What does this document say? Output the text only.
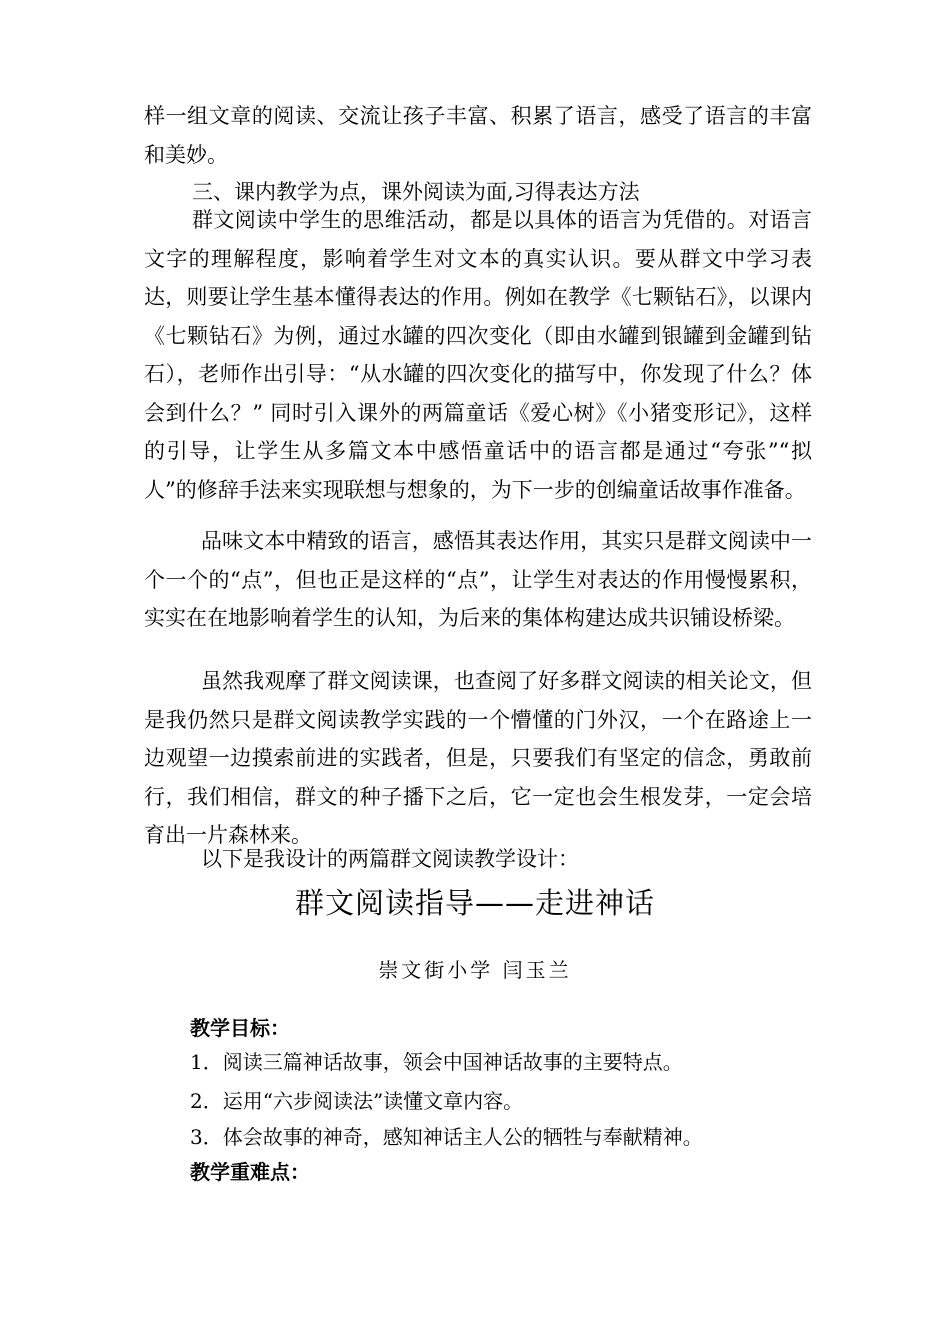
样一组文章的阅读、交流让孩子丰富、积累了语言，感受了语言的丰富和美妙。
三、课内教学为点，课外阅读为面,习得表达方法
群文阅读中学生的思维活动，都是以具体的语言为凭借的。对语言文字的理解程度，影响着学生对文本的真实认识。要从群文中学习表达，则要让学生基本懂得表达的作用。例如在教学《七颗钻石》，以课内《七颗钻石》为例，通过水罐的四次变化（即由水罐到银罐到金罐到钻石），老师作出引导：“从水罐的四次变化的描写中，你发现了什么？体会到什么？” 同时引入课外的两篇童话《爱心树》《小猪变形记》，这样的引导，让学生从多篇文本中感悟童话中的语言都是通过“夸张”“拟人”的修辞手法来实现联想与想象的，为下一步的创编童话故事作准备。
品味文本中精致的语言，感悟其表达作用，其实只是群文阅读中一个一个的“点”，但也正是这样的“点”，让学生对表达的作用慢慢累积，实实在在地影响着学生的认知，为后来的集体构建达成共识铺设桥梁。
虽然我观摩了群文阅读课，也查阅了好多群文阅读的相关论文，但是我仍然只是群文阅读教学实践的一个懵懂的门外汉，一个在路途上一边观望一边摸索前进的实践者，但是，只要我们有坚定的信念，勇敢前行，我们相信，群文的种子播下之后，它一定也会生根发芽，一定会培育出一片森林来。
以下是我设计的两篇群文阅读教学设计：
群文阅读指导——走进神话
崇文街小学 闫玉兰
教学目标：
1．阅读三篇神话故事，领会中国神话故事的主要特点。
2．运用“六步阅读法”读懂文章内容。
3．体会故事的神奇，感知神话主人公的牺牲与奉献精神。
教学重难点：
